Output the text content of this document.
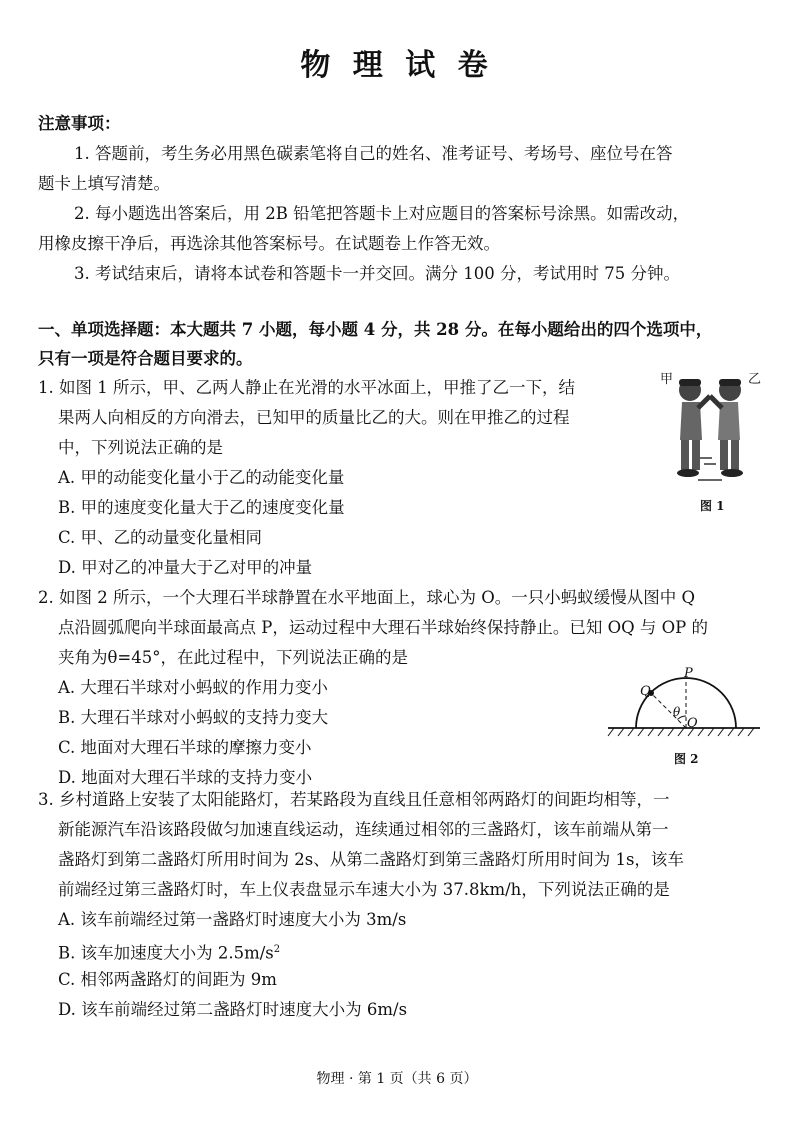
物 理 试 卷
注意事项：
1. 答题前，考生务必用黑色碳素笔将自己的姓名、准考证号、考场号、座位号在答
题卡上填写清楚。
2. 每小题选出答案后，用 2B 铅笔把答题卡上对应题目的答案标号涂黑。如需改动，
用橡皮擦干净后，再选涂其他答案标号。在试题卷上作答无效。
3. 考试结束后，请将本试卷和答题卡一并交回。满分 100 分，考试用时 75 分钟。
一、单项选择题：本大题共 7 小题，每小题 4 分，共 28 分。在每小题给出的四个选项中，
只有一项是符合题目要求的。
1. 如图 1 所示，甲、乙两人静止在光滑的水平冰面上，甲推了乙一下，结
果两人向相反的方向滑去，已知甲的质量比乙的大。则在甲推乙的过程
中，下列说法正确的是
A. 甲的动能变化量小于乙的动能变化量
B. 甲的速度变化量大于乙的速度变化量
C. 甲、乙的动量变化量相同
D. 甲对乙的冲量大于乙对甲的冲量
甲	乙
图 1
2. 如图 2 所示，一个大理石半球静置在水平地面上，球心为 O。一只小蚂蚁缓慢从图中 Q
点沿圆弧爬向半球面最高点 P，运动过程中大理石半球始终保持静止。已知 OQ 与 OP 的
夹角为θ=45°，在此过程中，下列说法正确的是
A. 大理石半球对小蚂蚁的作用力变小
B. 大理石半球对小蚂蚁的支持力变大
C. 地面对大理石半球的摩擦力变小
D. 地面对大理石半球的支持力变小
P
Q
θ
O
图 2
3. 乡村道路上安装了太阳能路灯，若某路段为直线且任意相邻两路灯的间距均相等，一
新能源汽车沿该路段做匀加速直线运动，连续通过相邻的三盏路灯，该车前端从第一
盏路灯到第二盏路灯所用时间为 2s、从第二盏路灯到第三盏路灯所用时间为 1s，该车
前端经过第三盏路灯时，车上仪表盘显示车速大小为 37.8km/h，下列说法正确的是
A. 该车前端经过第一盏路灯时速度大小为 3m/s
B. 该车加速度大小为 $2.5m/s^2$
C. 相邻两盏路灯的间距为 9m
D. 该车前端经过第二盏路灯时速度大小为 6m/s
物理 · 第 1 页（共 6 页）
